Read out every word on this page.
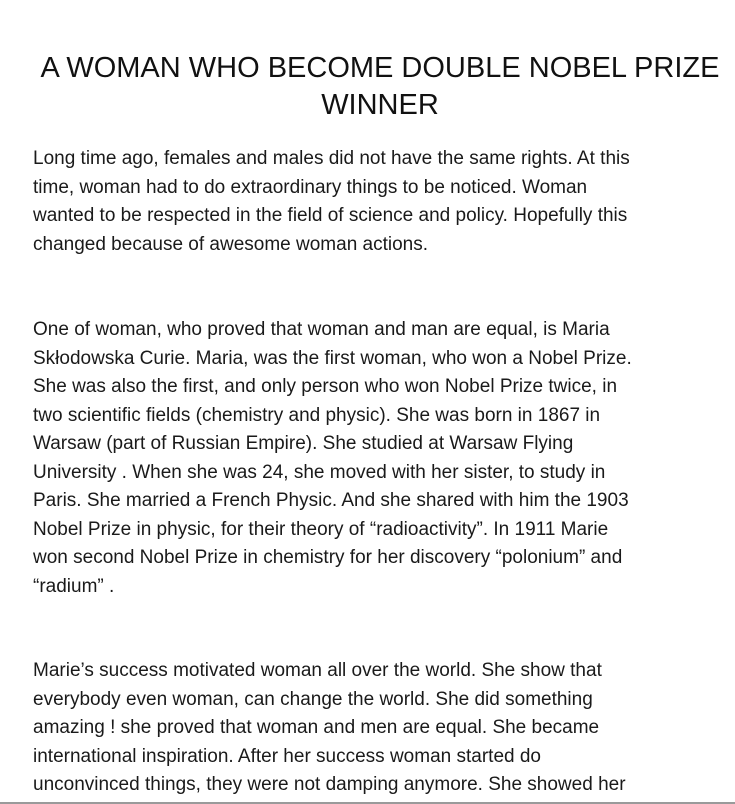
A WOMAN WHO BECOME DOUBLE NOBEL PRIZE WINNER

Long time ago, females and males did not have the same rights. At this
time, woman had to do extraordinary things to be noticed. Woman
wanted to be respected in the field of science and policy. Hopefully this
changed because of awesome woman actions.

One of woman, who proved that woman and man are equal, is Maria
Skłodowska Curie. Maria, was the first woman, who won a Nobel Prize.
She was also the first, and only person who won Nobel Prize twice, in
two scientific fields (chemistry and physic). She was born in 1867 in
Warsaw (part of Russian Empire). She studied at Warsaw Flying
University . When she was 24, she moved with her sister, to study in
Paris. She married a French Physic. And she shared with him the 1903
Nobel Prize in physic, for their theory of “radioactivity”. In 1911 Marie
won second Nobel Prize in chemistry for her discovery “polonium” and
“radium” .

Marie’s success motivated woman all over the world. She show that
everybody even woman, can change the world. She did something
amazing ! she proved that woman and men are equal. She became
international inspiration. After her success woman started do
unconvinced things, they were not damping anymore. She showed her
